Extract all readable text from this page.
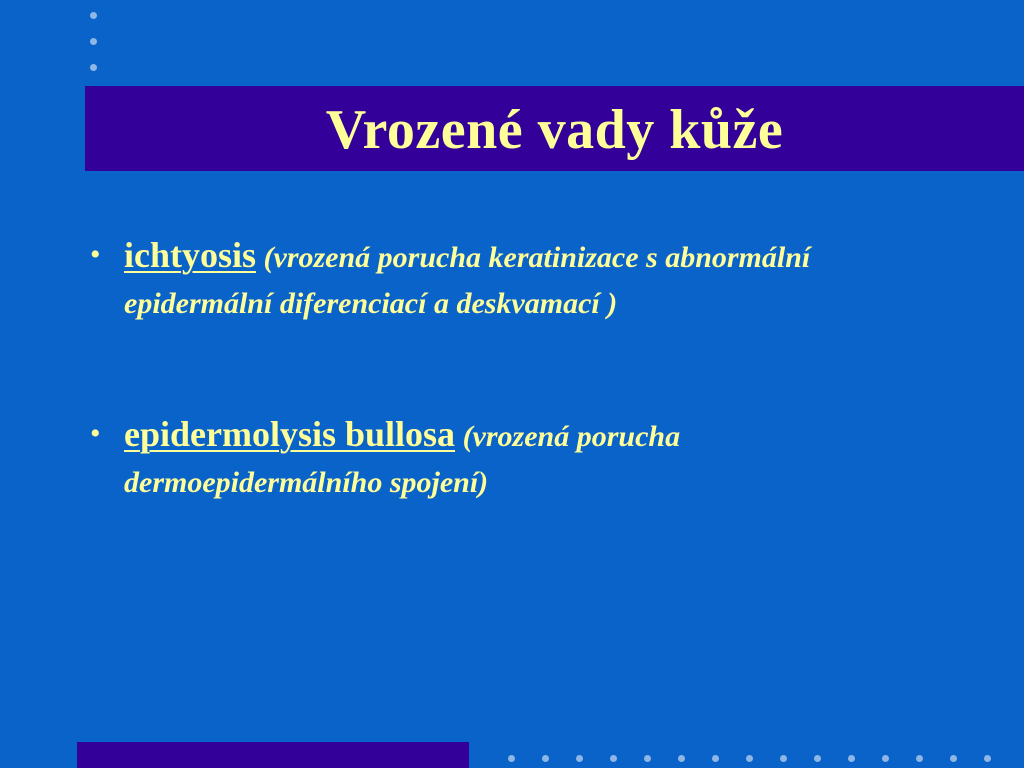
Vrozené vady kůže
• ichtyosis (vrozená porucha keratinizace s abnormální epidermální diferenciací a deskvamací )
• epidermolysis bullosa (vrozená porucha dermoepidermálního spojení)
